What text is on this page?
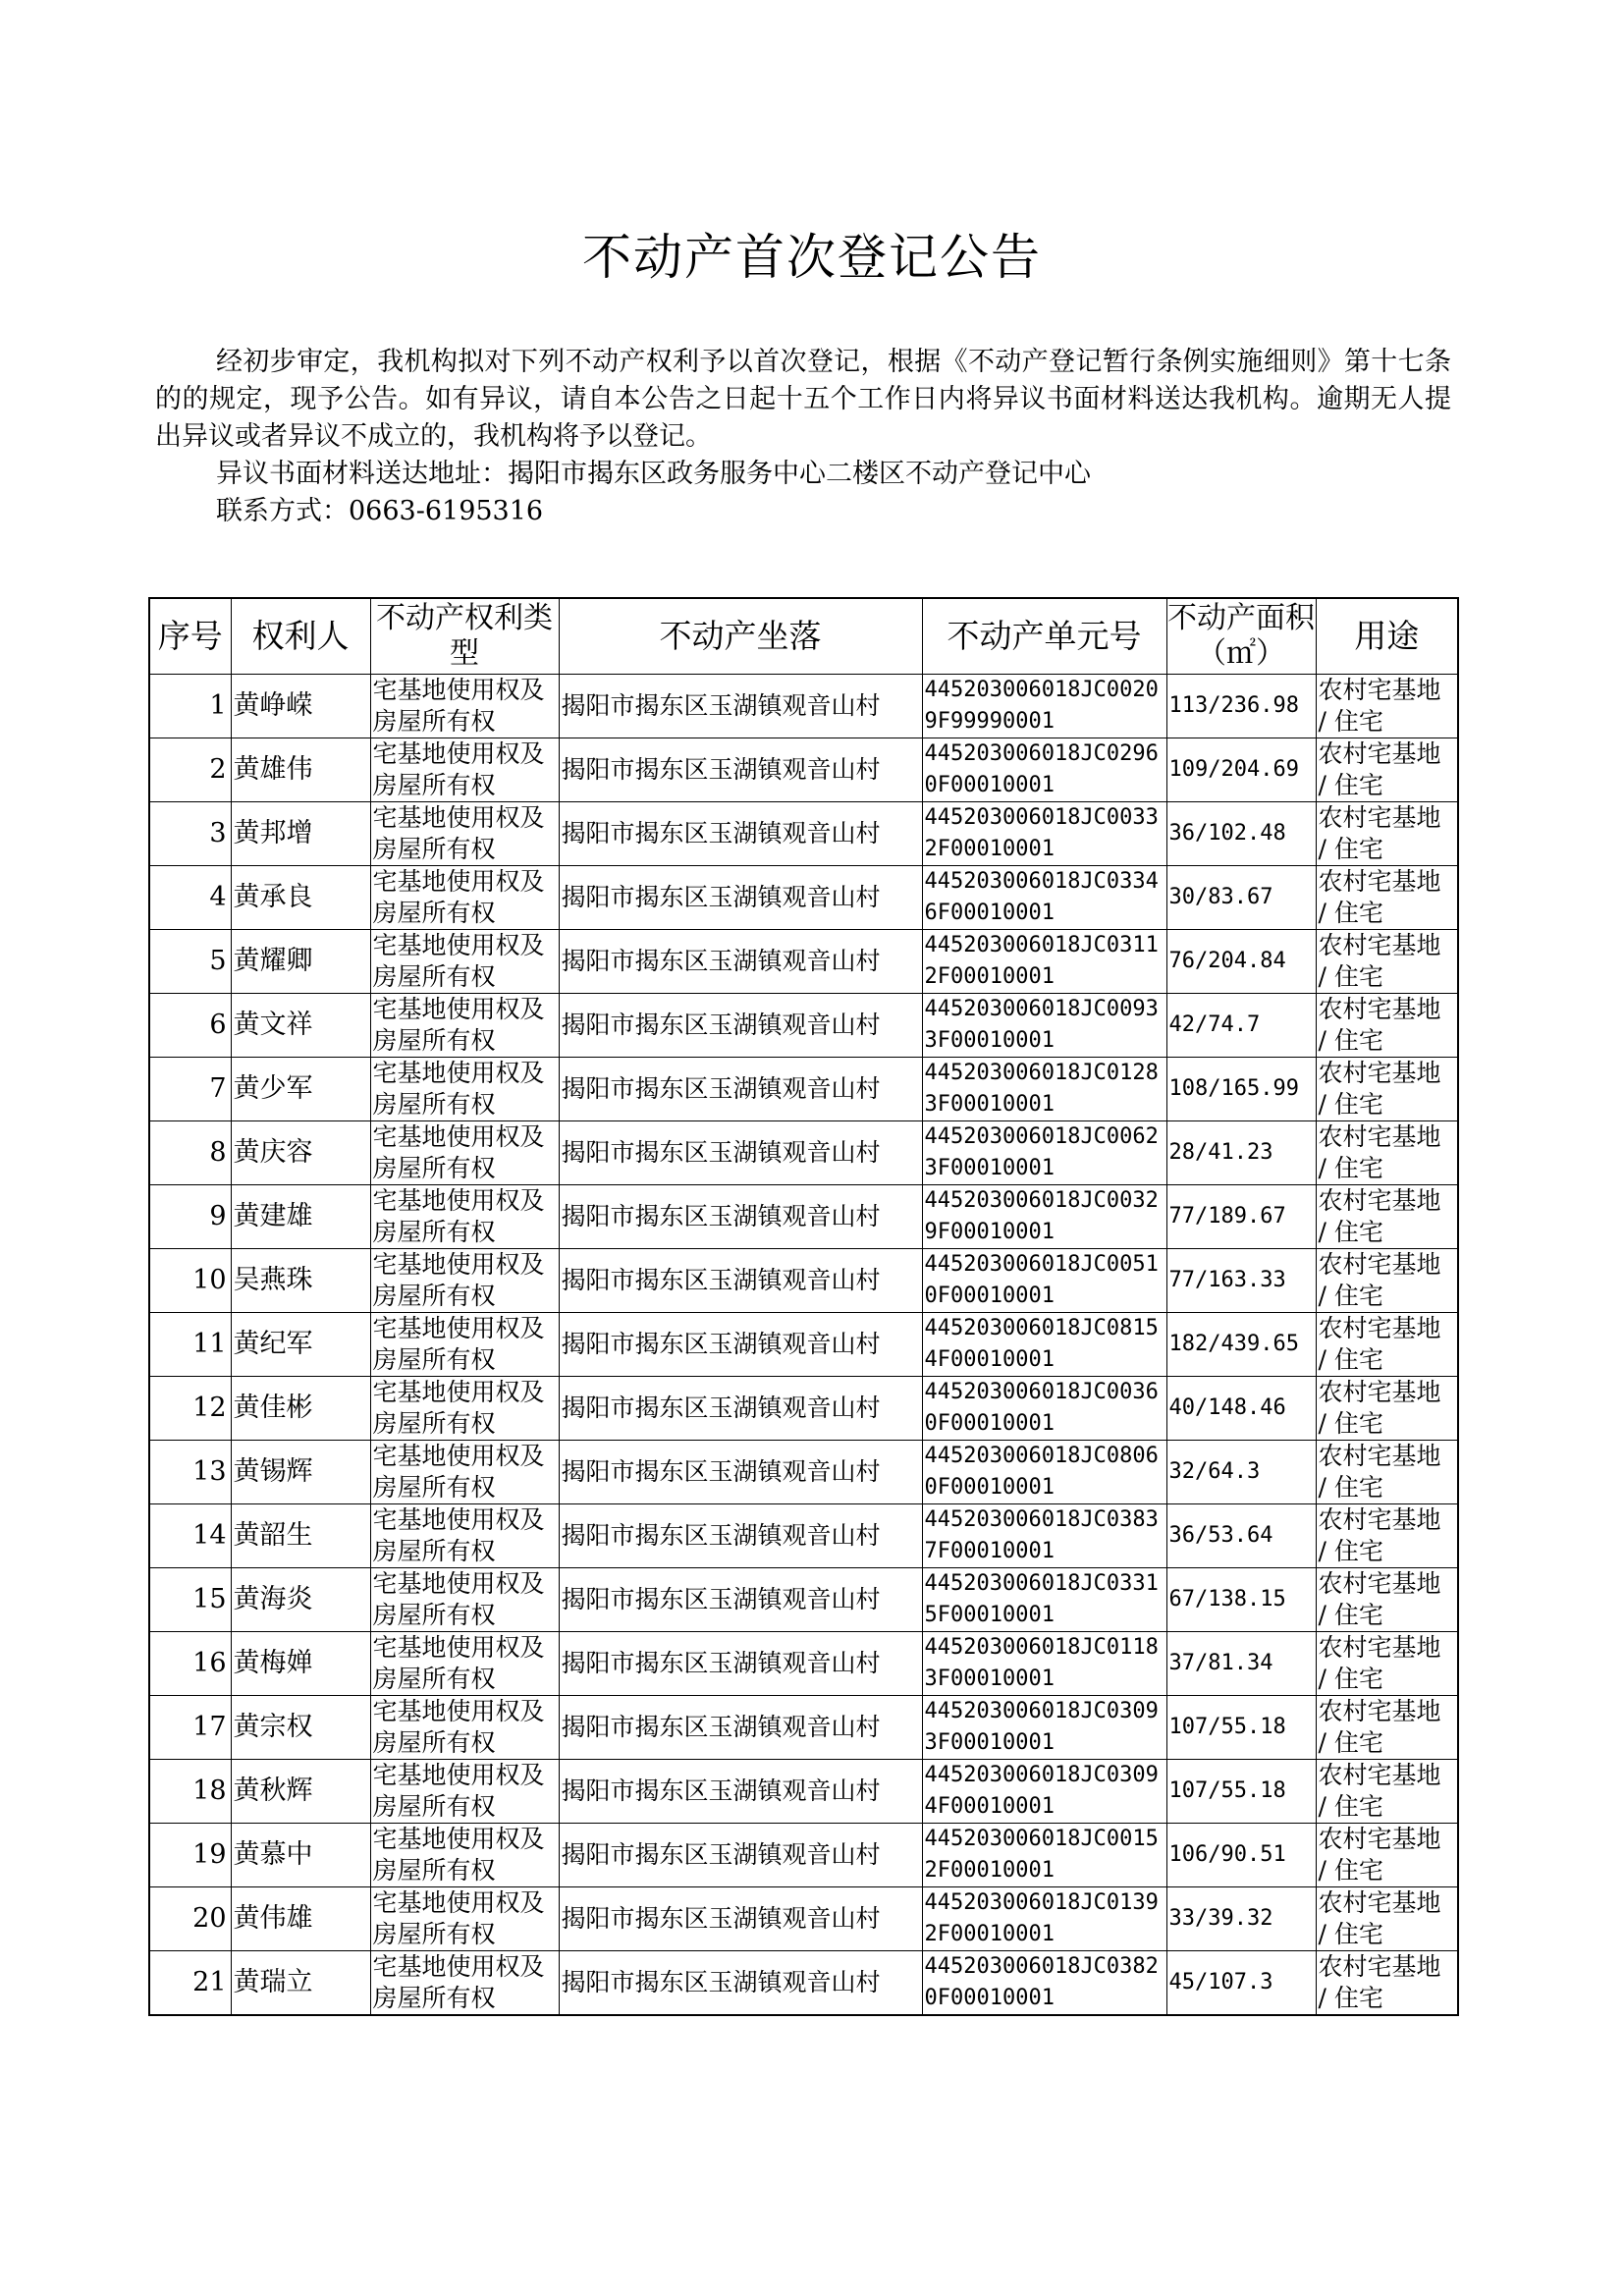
不动产首次登记公告

经初步审定，我机构拟对下列不动产权利予以首次登记，根据《不动产登记暂行条例实施细则》第十七条的的规定，现予公告。如有异议，请自本公告之日起十五个工作日内将异议书面材料送达我机构。逾期无人提出异议或者异议不成立的，我机构将予以登记。

异议书面材料送达地址：揭阳市揭东区政务服务中心二楼区不动产登记中心
联系方式：0663-6195316
序号	权利人	不动产权利类型	不动产坐落	不动产单元号	不动产面积（㎡）	用途
1	黄峥嵘	宅基地使用权及房屋所有权	揭阳市揭东区玉湖镇观音山村	445203006018JC00209F99990001	113/236.98	农村宅基地 / 住宅
2	黄雄伟	宅基地使用权及房屋所有权	揭阳市揭东区玉湖镇观音山村	445203006018JC02960F00010001	109/204.69	农村宅基地 / 住宅
3	黄邦增	宅基地使用权及房屋所有权	揭阳市揭东区玉湖镇观音山村	445203006018JC00332F00010001	36/102.48	农村宅基地 / 住宅
4	黄承良	宅基地使用权及房屋所有权	揭阳市揭东区玉湖镇观音山村	445203006018JC03346F00010001	30/83.67	农村宅基地 / 住宅
5	黄耀卿	宅基地使用权及房屋所有权	揭阳市揭东区玉湖镇观音山村	445203006018JC03112F00010001	76/204.84	农村宅基地 / 住宅
6	黄文祥	宅基地使用权及房屋所有权	揭阳市揭东区玉湖镇观音山村	445203006018JC00933F00010001	42/74.7	农村宅基地 / 住宅
7	黄少军	宅基地使用权及房屋所有权	揭阳市揭东区玉湖镇观音山村	445203006018JC01283F00010001	108/165.99	农村宅基地 / 住宅
8	黄庆容	宅基地使用权及房屋所有权	揭阳市揭东区玉湖镇观音山村	445203006018JC00623F00010001	28/41.23	农村宅基地 / 住宅
9	黄建雄	宅基地使用权及房屋所有权	揭阳市揭东区玉湖镇观音山村	445203006018JC00329F00010001	77/189.67	农村宅基地 / 住宅
10	吴燕珠	宅基地使用权及房屋所有权	揭阳市揭东区玉湖镇观音山村	445203006018JC00510F00010001	77/163.33	农村宅基地 / 住宅
11	黄纪军	宅基地使用权及房屋所有权	揭阳市揭东区玉湖镇观音山村	445203006018JC08154F00010001	182/439.65	农村宅基地 / 住宅
12	黄佳彬	宅基地使用权及房屋所有权	揭阳市揭东区玉湖镇观音山村	445203006018JC00360F00010001	40/148.46	农村宅基地 / 住宅
13	黄锡辉	宅基地使用权及房屋所有权	揭阳市揭东区玉湖镇观音山村	445203006018JC08060F00010001	32/64.3	农村宅基地 / 住宅
14	黄韶生	宅基地使用权及房屋所有权	揭阳市揭东区玉湖镇观音山村	445203006018JC03837F00010001	36/53.64	农村宅基地 / 住宅
15	黄海炎	宅基地使用权及房屋所有权	揭阳市揭东区玉湖镇观音山村	445203006018JC03315F00010001	67/138.15	农村宅基地 / 住宅
16	黄梅婵	宅基地使用权及房屋所有权	揭阳市揭东区玉湖镇观音山村	445203006018JC01183F00010001	37/81.34	农村宅基地 / 住宅
17	黄宗权	宅基地使用权及房屋所有权	揭阳市揭东区玉湖镇观音山村	445203006018JC03093F00010001	107/55.18	农村宅基地 / 住宅
18	黄秋辉	宅基地使用权及房屋所有权	揭阳市揭东区玉湖镇观音山村	445203006018JC03094F00010001	107/55.18	农村宅基地 / 住宅
19	黄慕中	宅基地使用权及房屋所有权	揭阳市揭东区玉湖镇观音山村	445203006018JC00152F00010001	106/90.51	农村宅基地 / 住宅
20	黄伟雄	宅基地使用权及房屋所有权	揭阳市揭东区玉湖镇观音山村	445203006018JC01392F00010001	33/39.32	农村宅基地 / 住宅
21	黄瑞立	宅基地使用权及房屋所有权	揭阳市揭东区玉湖镇观音山村	445203006018JC03820F00010001	45/107.3	农村宅基地 / 住宅
